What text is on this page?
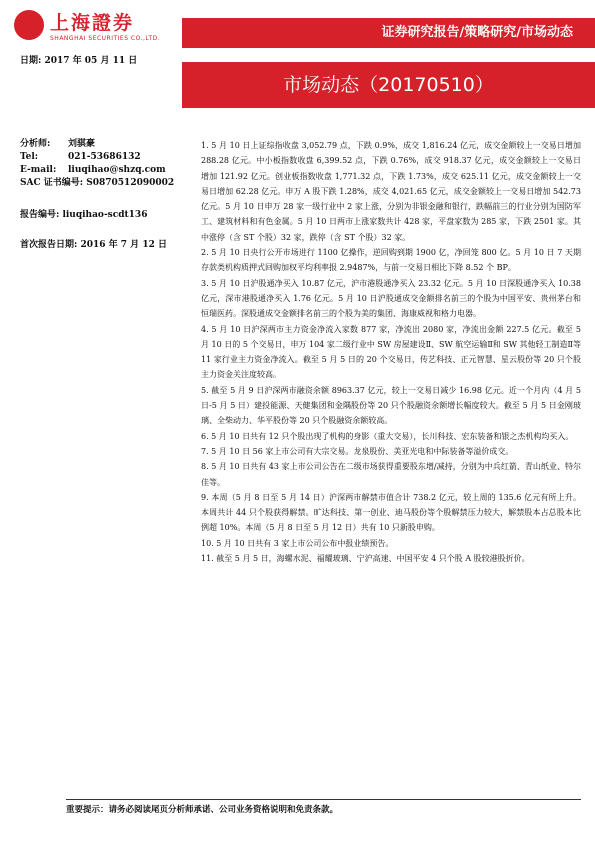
上海證券
SHANGHAI SECURITIES CO.,LTD.	证券研究报告/策略研究/市场动态
日期: 2017 年 05 月 11 日
市场动态（20170510）
分析师: 刘骐豪
Tel:	021-53686132
E-mail: liuqihao@shzq.com
SAC 证书编号: S0870512090002
报告编号: liuqihao-scdt136
首次报告日期: 2016 年 7 月 12 日

1. 5 月 10 日上证综指收盘 3,052.79 点，下跌 0.9%，成交 1,816.24 亿元，成交金额较上一交易日增加 288.28 亿元。中小板指数收盘 6,399.52 点，下跌 0.76%，成交 918.37 亿元，成交金额较上一交易日增加 121.92 亿元。创业板指数收盘 1,771.32 点，下跌 1.73%，成交 625.11 亿元，成交金额较上一交易日增加 62.28 亿元。申万 A 股下跌 1.28%，成交 4,021.65 亿元，成交金额较上一交易日增加 542.73 亿元。5 月 10 日申万 28 家一级行业中 2 家上涨，分别为非银金融和银行，跌幅前三的行业分别为国防军工、建筑材料和有色金属。5 月 10 日两市上涨家数共计 428 家，平盘家数为 285 家，下跌 2501 家。其中涨停（含 ST 个股）32 家，跌停（含 ST 个股）32 家。

2. 5 月 10 日央行公开市场进行 1100 亿操作，逆回购到期 1900 亿，净回笼 800 亿。5 月 10 日 7 天期存款类机构质押式回购加权平均利率报 2.9487%，与前一交易日相比下降 8.52 个 BP。

3. 5 月 10 日沪股通净买入 10.87 亿元，沪市港股通净买入 23.32 亿元。5 月 10 日深股通净买入 10.38 亿元，深市港股通净买入 1.76 亿元。5 月 10 日沪股通成交金额排名前三的个股为中国平安、贵州茅台和恒瑞医药。深股通成交金额排名前三的个股为美的集团、海康威视和格力电器。

4. 5 月 10 日沪深两市主力资金净流入家数 877 家，净流出 2080 家，净流出金额 227.5 亿元。截至 5 月 10 日的 5 个交易日，申万 104 家二级行业中 SW 房屋建设Ⅱ、SW 航空运输Ⅱ和 SW 其他轻工制造Ⅱ等 11 家行业主力资金净流入。截至 5 月 5 日的 20 个交易日，传艺科技、正元智慧、星云股份等 20 只个股主力资金关注度较高。

5. 截至 5 月 9 日沪深两市融资余额 8963.37 亿元，较上一交易日减少 16.98 亿元。近一个月内（4 月 5 日-5 月 5 日）建投能源、天健集团和金隅股份等 20 只个股融资余额增长幅度较大。截至 5 月 5 日金刚玻璃、全柴动力、华平股份等 20 只个股融资余额较高。

6. 5 月 10 日共有 12 只个股出现了机构的身影（重大交易），长川科技、宏东装备和银之杰机构均买入。

7. 5 月 10 日 56 家上市公司有大宗交易。龙泉股份、美亚光电和中际装备等溢价成交。

8. 5 月 10 日共有 43 家上市公司公告在二级市场获得重要股东增/减持，分别为中兵红箭、青山纸业、特尔佳等。

9. 本周（5 月 8 日至 5 月 14 日）沪深两市解禁市值合计 738.2 亿元，较上周的 135.6 亿元有所上升。本周共计 44 只个股获得解禁。旷达科技、第一创业、迪马股份等个股解禁压力较大，解禁股本占总股本比例超 10%。本周（5 月 8 日至 5 月 12 日）共有 10 只新股申购。

10. 5 月 10 日共有 3 家上市公司公布中报业绩预告。

11. 截至 5 月 5 日，海螺水泥、福耀玻璃、宁沪高速、中国平安 4 只个股 A 股较港股折价。

重要提示：请务必阅读尾页分析师承诺、公司业务资格说明和免责条款。
